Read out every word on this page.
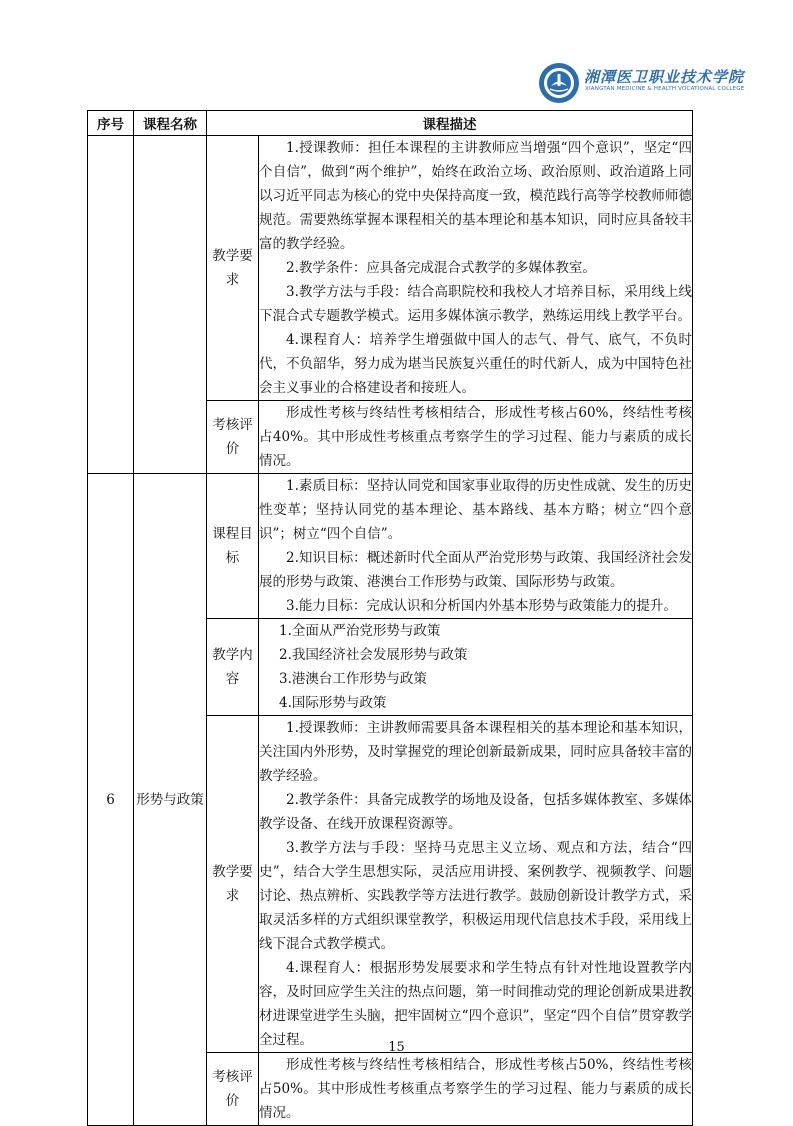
湘潭医卫职业技术学院
XIANGTAN MEDICINE & HEALTH VOCATIONAL COLLEGE
序号	课程名称	课程描述	
		教学要求	1.授课教师：担任本课程的主讲教师应当增强“四个意识”，坚定“四个自信”，做到“两个维护”，始终在政治立场、政治原则、政治道路上同以习近平同志为核心的党中央保持高度一致，模范践行高等学校教师师德规范。需要熟练掌握本课程相关的基本理论和基本知识，同时应具备较丰富的教学经验。

2.教学条件：应具备完成混合式教学的多媒体教室。

3.教学方法与手段：结合高职院校和我校人才培养目标，采用线上线下混合式专题教学模式。运用多媒体演示教学，熟练运用线上教学平台。

4.课程育人：培养学生增强做中国人的志气、骨气、底气，不负时代，不负韶华，努力成为堪当民族复兴重任的时代新人，成为中国特色社会主义事业的合格建设者和接班人。

		考核评价	形成性考核与终结性考核相结合，形成性考核占60%，终结性考核占40%。其中形成性考核重点考察学生的学习过程、能力与素质的成长情况。

6	形势与政策	课程目标	1.素质目标：坚持认同党和国家事业取得的历史性成就、发生的历史性变革；坚持认同党的基本理论、基本路线、基本方略；树立“四个意识”；树立“四个自信”。

2.知识目标：概述新时代全面从严治党形势与政策、我国经济社会发展的形势与政策、港澳台工作形势与政策、国际形势与政策。

3.能力目标：完成认识和分析国内外基本形势与政策能力的提升。

		教学内容	1.全面从严治党形势与政策

2.我国经济社会发展形势与政策

3.港澳台工作形势与政策

4.国际形势与政策

		教学要求	1.授课教师：主讲教师需要具备本课程相关的基本理论和基本知识，关注国内外形势，及时掌握党的理论创新最新成果，同时应具备较丰富的教学经验。

2.教学条件：具备完成教学的场地及设备，包括多媒体教室、多媒体教学设备、在线开放课程资源等。

3.教学方法与手段：坚持马克思主义立场、观点和方法，结合“四史”，结合大学生思想实际，灵活应用讲授、案例教学、视频教学、问题讨论、热点辨析、实践教学等方法进行教学。鼓励创新设计教学方式，采取灵活多样的方式组织课堂教学，积极运用现代信息技术手段，采用线上线下混合式教学模式。

4.课程育人：根据形势发展要求和学生特点有针对性地设置教学内容，及时回应学生关注的热点问题，第一时间推动党的理论创新成果进教材进课堂进学生头脑，把牢固树立“四个意识”，坚定“四个自信”贯穿教学全过程。

		考核评价	形成性考核与终结性考核相结合，形成性考核占50%，终结性考核占50%。其中形成性考核重点考察学生的学习过程、能力与素质的成长情况。

15
